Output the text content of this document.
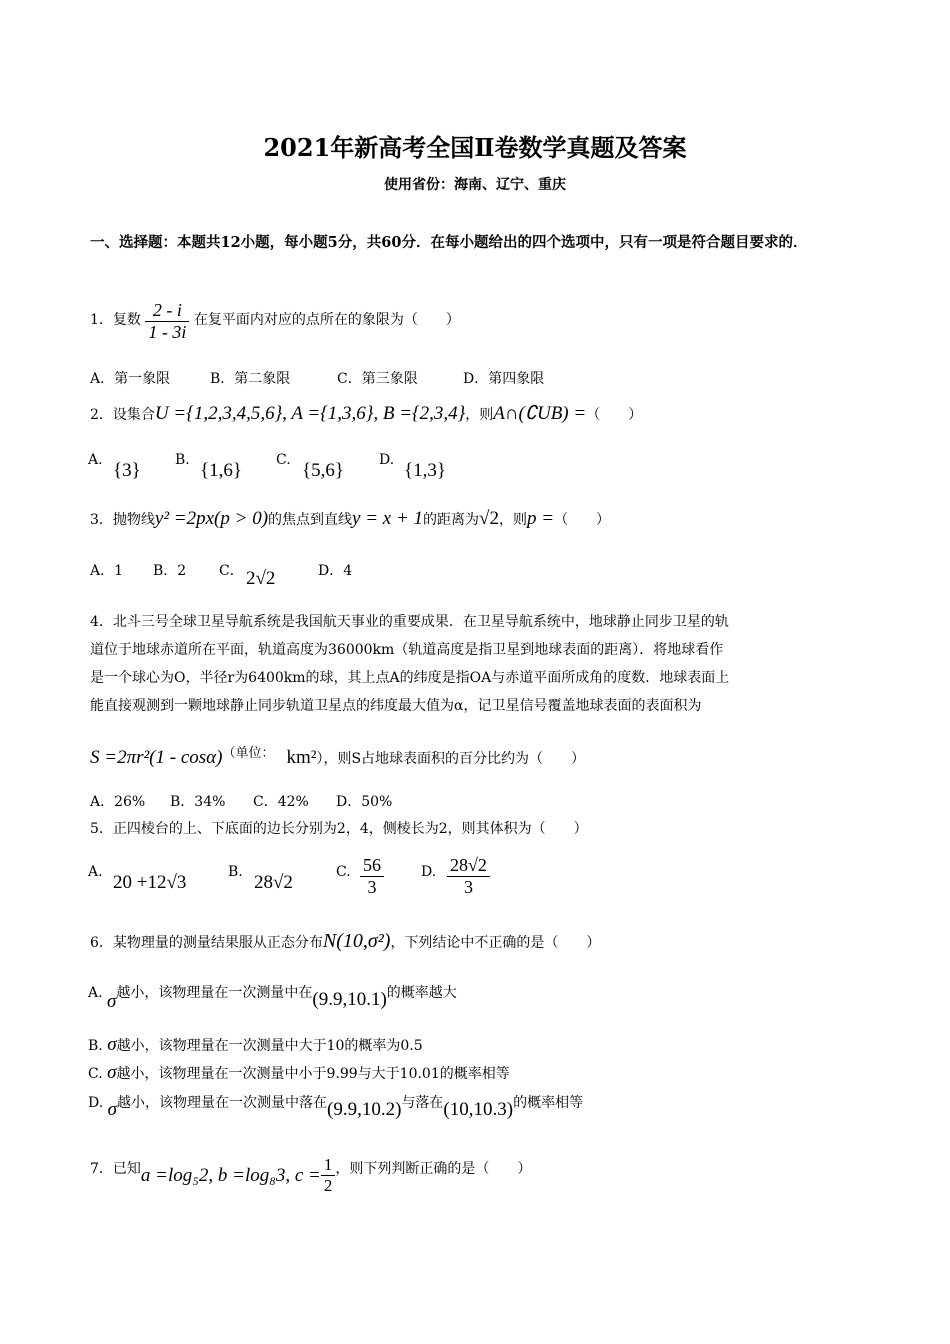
2021年新高考全国Ⅱ卷数学真题及答案
使用省份：海南、辽宁、重庆
一、选择题：本题共12小题，每小题5分，共60分．在每小题给出的四个选项中，只有一项是符合题目要求的．
1．复数 $\frac{2 - i}{1 - 3i}$ 在复平面内对应的点所在的象限为（　　）
A．第一象限	B．第二象限	C．第三象限	D．第四象限
2．设集合U ={1,2,3,4,5,6}, A ={1,3,6}, B ={2,3,4}，则A∩(∁UB) =（　　）
A. {3} B. {1,6} C. {5,6}	D. {1,3}
3．抛物线y² =2px(p > 0)的焦点到直线y = x + 1的距离为√2，则p =（　　）
A．1 B．2 C． 2√2	D．4
4．北斗三号全球卫星导航系统是我国航天事业的重要成果．在卫星导航系统中，地球静止同步卫星的轨
道位于地球赤道所在平面，轨道高度为36000km（轨道高度是指卫星到地球表面的距离）．将地球看作
是一个球心为O，半径r为6400km的球，其上点A的纬度是指OA与赤道平面所成角的度数．地球表面上
能直接观测到一颗地球静止同步轨道卫星点的纬度最大值为α，记卫星信号覆盖地球表面的表面积为
S =2πr²(1 - cosα)（单位： km²），则S占地球表面积的百分比约为（　　）
A．26% B．34% C．42% D．50%
5．正四棱台的上、下底面的边长分别为2，4，侧棱长为2，则其体积为（　　）
A. 20 +12√3	B. 28√2	C. $\frac{56}{3}$	D. $\frac{28√2}{3}$
6．某物理量的测量结果服从正态分布N(10,σ²)，下列结论中不正确的是（　　）
A. σ越小，该物理量在一次测量中在(9.9,10.1)的概率越大
B. σ越小，该物理量在一次测量中大于10的概率为0.5
C. σ越小，该物理量在一次测量中小于9.99与大于10.01的概率相等
D. σ越小，该物理量在一次测量中落在(9.9,10.2)与落在(10,10.3)的概率相等
7．已知a =log₅2, b =log₈3, $c = \frac{1}{2}$ ，则下列判断正确的是（　　）
